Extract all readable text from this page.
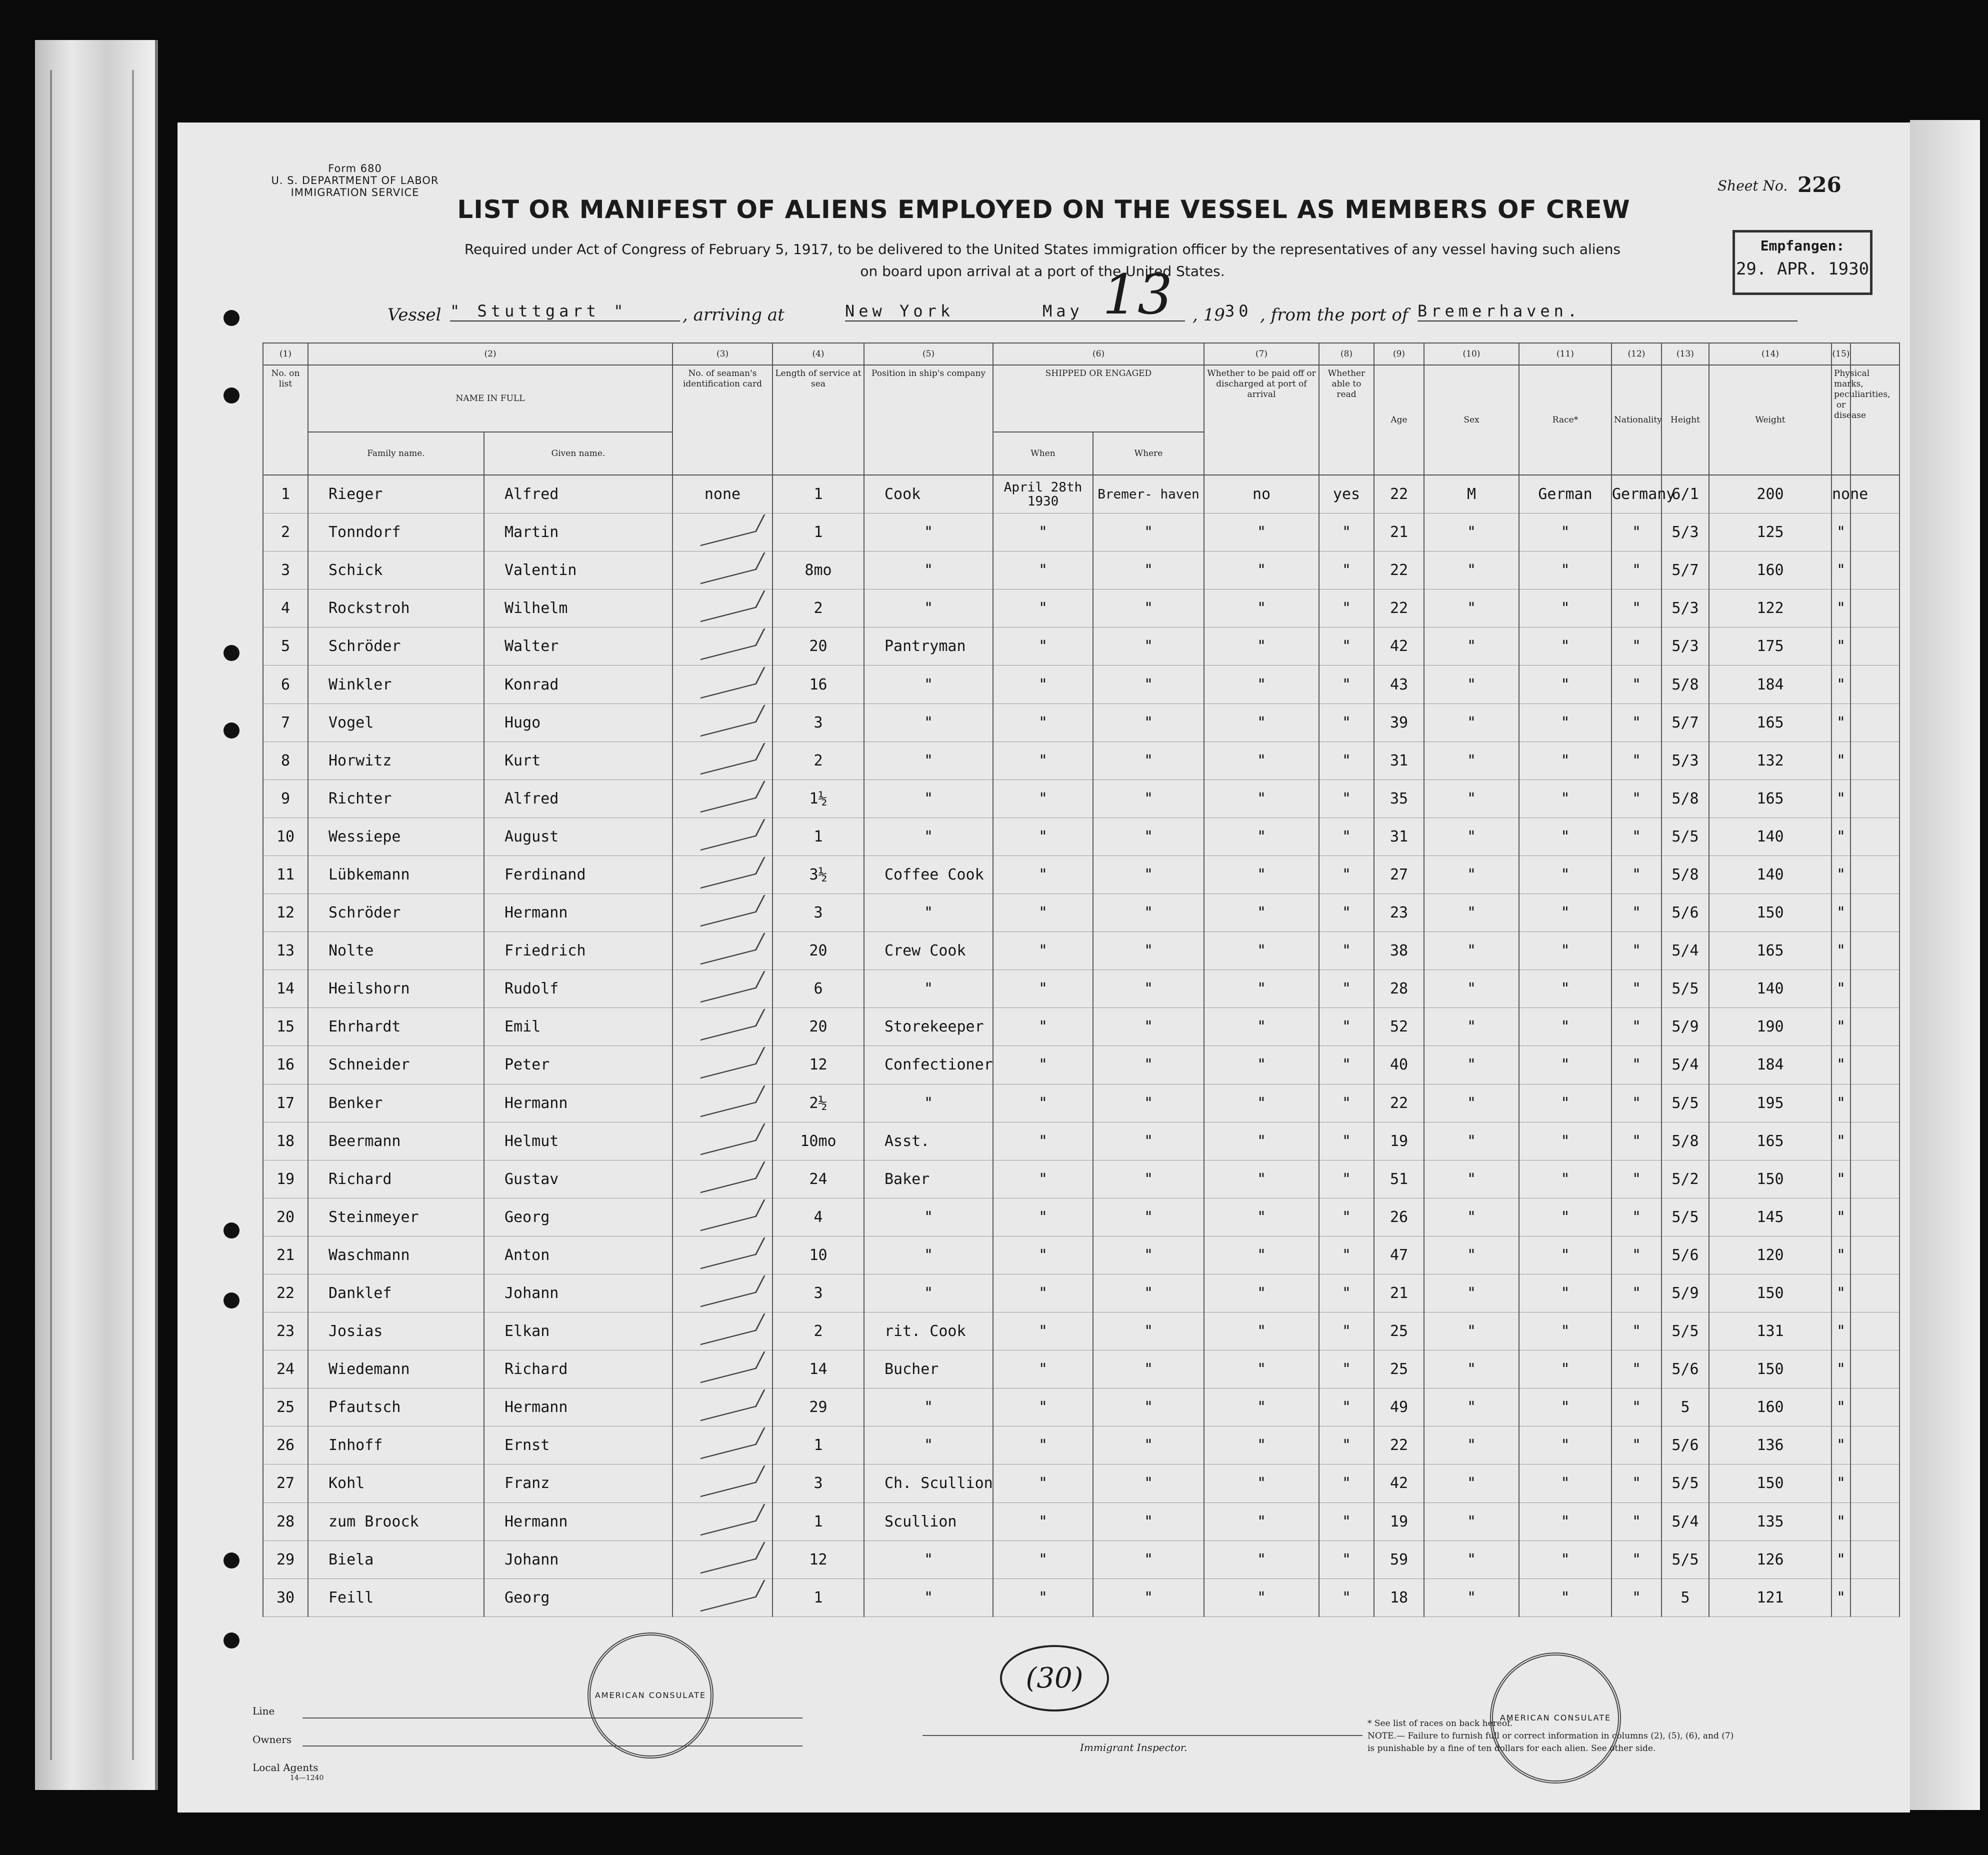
Form 680
U. S. DEPARTMENT OF LABOR
IMMIGRATION SERVICE	Sheet No. 226
LIST OR MANIFEST OF ALIENS EMPLOYED ON THE VESSEL AS MEMBERS OF CREW
Required under Act of Congress of February 5, 1917, to be delivered to the United States immigration officer by the representatives of any vessel having such aliens
on board upon arrival at a port of the United States.
Empfangen:
29. APR. 1930
Vessel " Stuttgart "	, arriving at	New York	May 13 , 19 30 , from the port of Bremerhaven.
(1)	(2)		(3)	(4)	(5)	(6)		(7)	(8)	(9)	(10)	(11)	(12)	(13)	(14)	(15)	
No. on list	NAME IN FULL		No. of seaman's identification card	Length of service at sea	Position in ship's company	SHIPPED OR ENGAGED		Whether to be paid off or discharged at port of arrival	Whether able to read	Age	Sex	Race*	Nationality	Height	Weight	Physical marks, peculiarities, or disease	
	Family name.	Given name.				When	Where										
1	Rieger	Alfred	none	1	Cook	April 28th 1930	Bremer- haven	no	yes	22	M	German	Germany	6/1	200	none	
2	Tonndorf	Martin		1	"	"	"	"	"	21	"	"	"	5/3	125	"	
3	Schick	Valentin		8mo	"	"	"	"	"	22	"	"	"	5/7	160	"	
4	Rockstroh	Wilhelm		2	"	"	"	"	"	22	"	"	"	5/3	122	"	
5	Schröder	Walter		20	Pantryman	"	"	"	"	42	"	"	"	5/3	175	"	
6	Winkler	Konrad		16	"	"	"	"	"	43	"	"	"	5/8	184	"	
7	Vogel	Hugo		3	"	"	"	"	"	39	"	"	"	5/7	165	"	
8	Horwitz	Kurt		2	"	"	"	"	"	31	"	"	"	5/3	132	"	
9	Richter	Alfred		1½	"	"	"	"	"	35	"	"	"	5/8	165	"	
10	Wessiepe	August		1	"	"	"	"	"	31	"	"	"	5/5	140	"	
11	Lübkemann	Ferdinand		3½	Coffee Cook	"	"	"	"	27	"	"	"	5/8	140	"	
12	Schröder	Hermann		3	"	"	"	"	"	23	"	"	"	5/6	150	"	
13	Nolte	Friedrich		20	Crew Cook	"	"	"	"	38	"	"	"	5/4	165	"	
14	Heilshorn	Rudolf		6	"	"	"	"	"	28	"	"	"	5/5	140	"	
15	Ehrhardt	Emil		20	Storekeeper	"	"	"	"	52	"	"	"	5/9	190	"	
16	Schneider	Peter		12	Confectioner	"	"	"	"	40	"	"	"	5/4	184	"	
17	Benker	Hermann		2½	"	"	"	"	"	22	"	"	"	5/5	195	"	
18	Beermann	Helmut		10mo	Asst.	"	"	"	"	19	"	"	"	5/8	165	"	
19	Richard	Gustav		24	Baker	"	"	"	"	51	"	"	"	5/2	150	"	
20	Steinmeyer	Georg		4	"	"	"	"	"	26	"	"	"	5/5	145	"	
21	Waschmann	Anton		10	"	"	"	"	"	47	"	"	"	5/6	120	"	
22	Danklef	Johann		3	"	"	"	"	"	21	"	"	"	5/9	150	"	
23	Josias	Elkan		2	rit. Cook	"	"	"	"	25	"	"	"	5/5	131	"	
24	Wiedemann	Richard		14	Bucher	"	"	"	"	25	"	"	"	5/6	150	"	
25	Pfautsch	Hermann		29	"	"	"	"	"	49	"	"	"	5	160	"	
26	Inhoff	Ernst		1	"	"	"	"	"	22	"	"	"	5/6	136	"	
27	Kohl	Franz		3	Ch. Scullion	"	"	"	"	42	"	"	"	5/5	150	"	
28	zum Broock	Hermann		1	Scullion	"	"	"	"	19	"	"	"	5/4	135	"	
29	Biela	Johann		12	"	"	"	"	"	59	"	"	"	5/5	126	"	
30	Feill	Georg		1	"	"	"	"	"	18	"	"	"	5	121	"	
Line
Owners
Local Agents
14—1240
AMERICAN CONSULATE
(30)
Immigrant Inspector.
AMERICAN CONSULATE
* See list of races on back hereof.
NOTE.— Failure to furnish full or correct information in columns (2), (5), (6), and (7)
is punishable by a fine of ten dollars for each alien. See other side.
